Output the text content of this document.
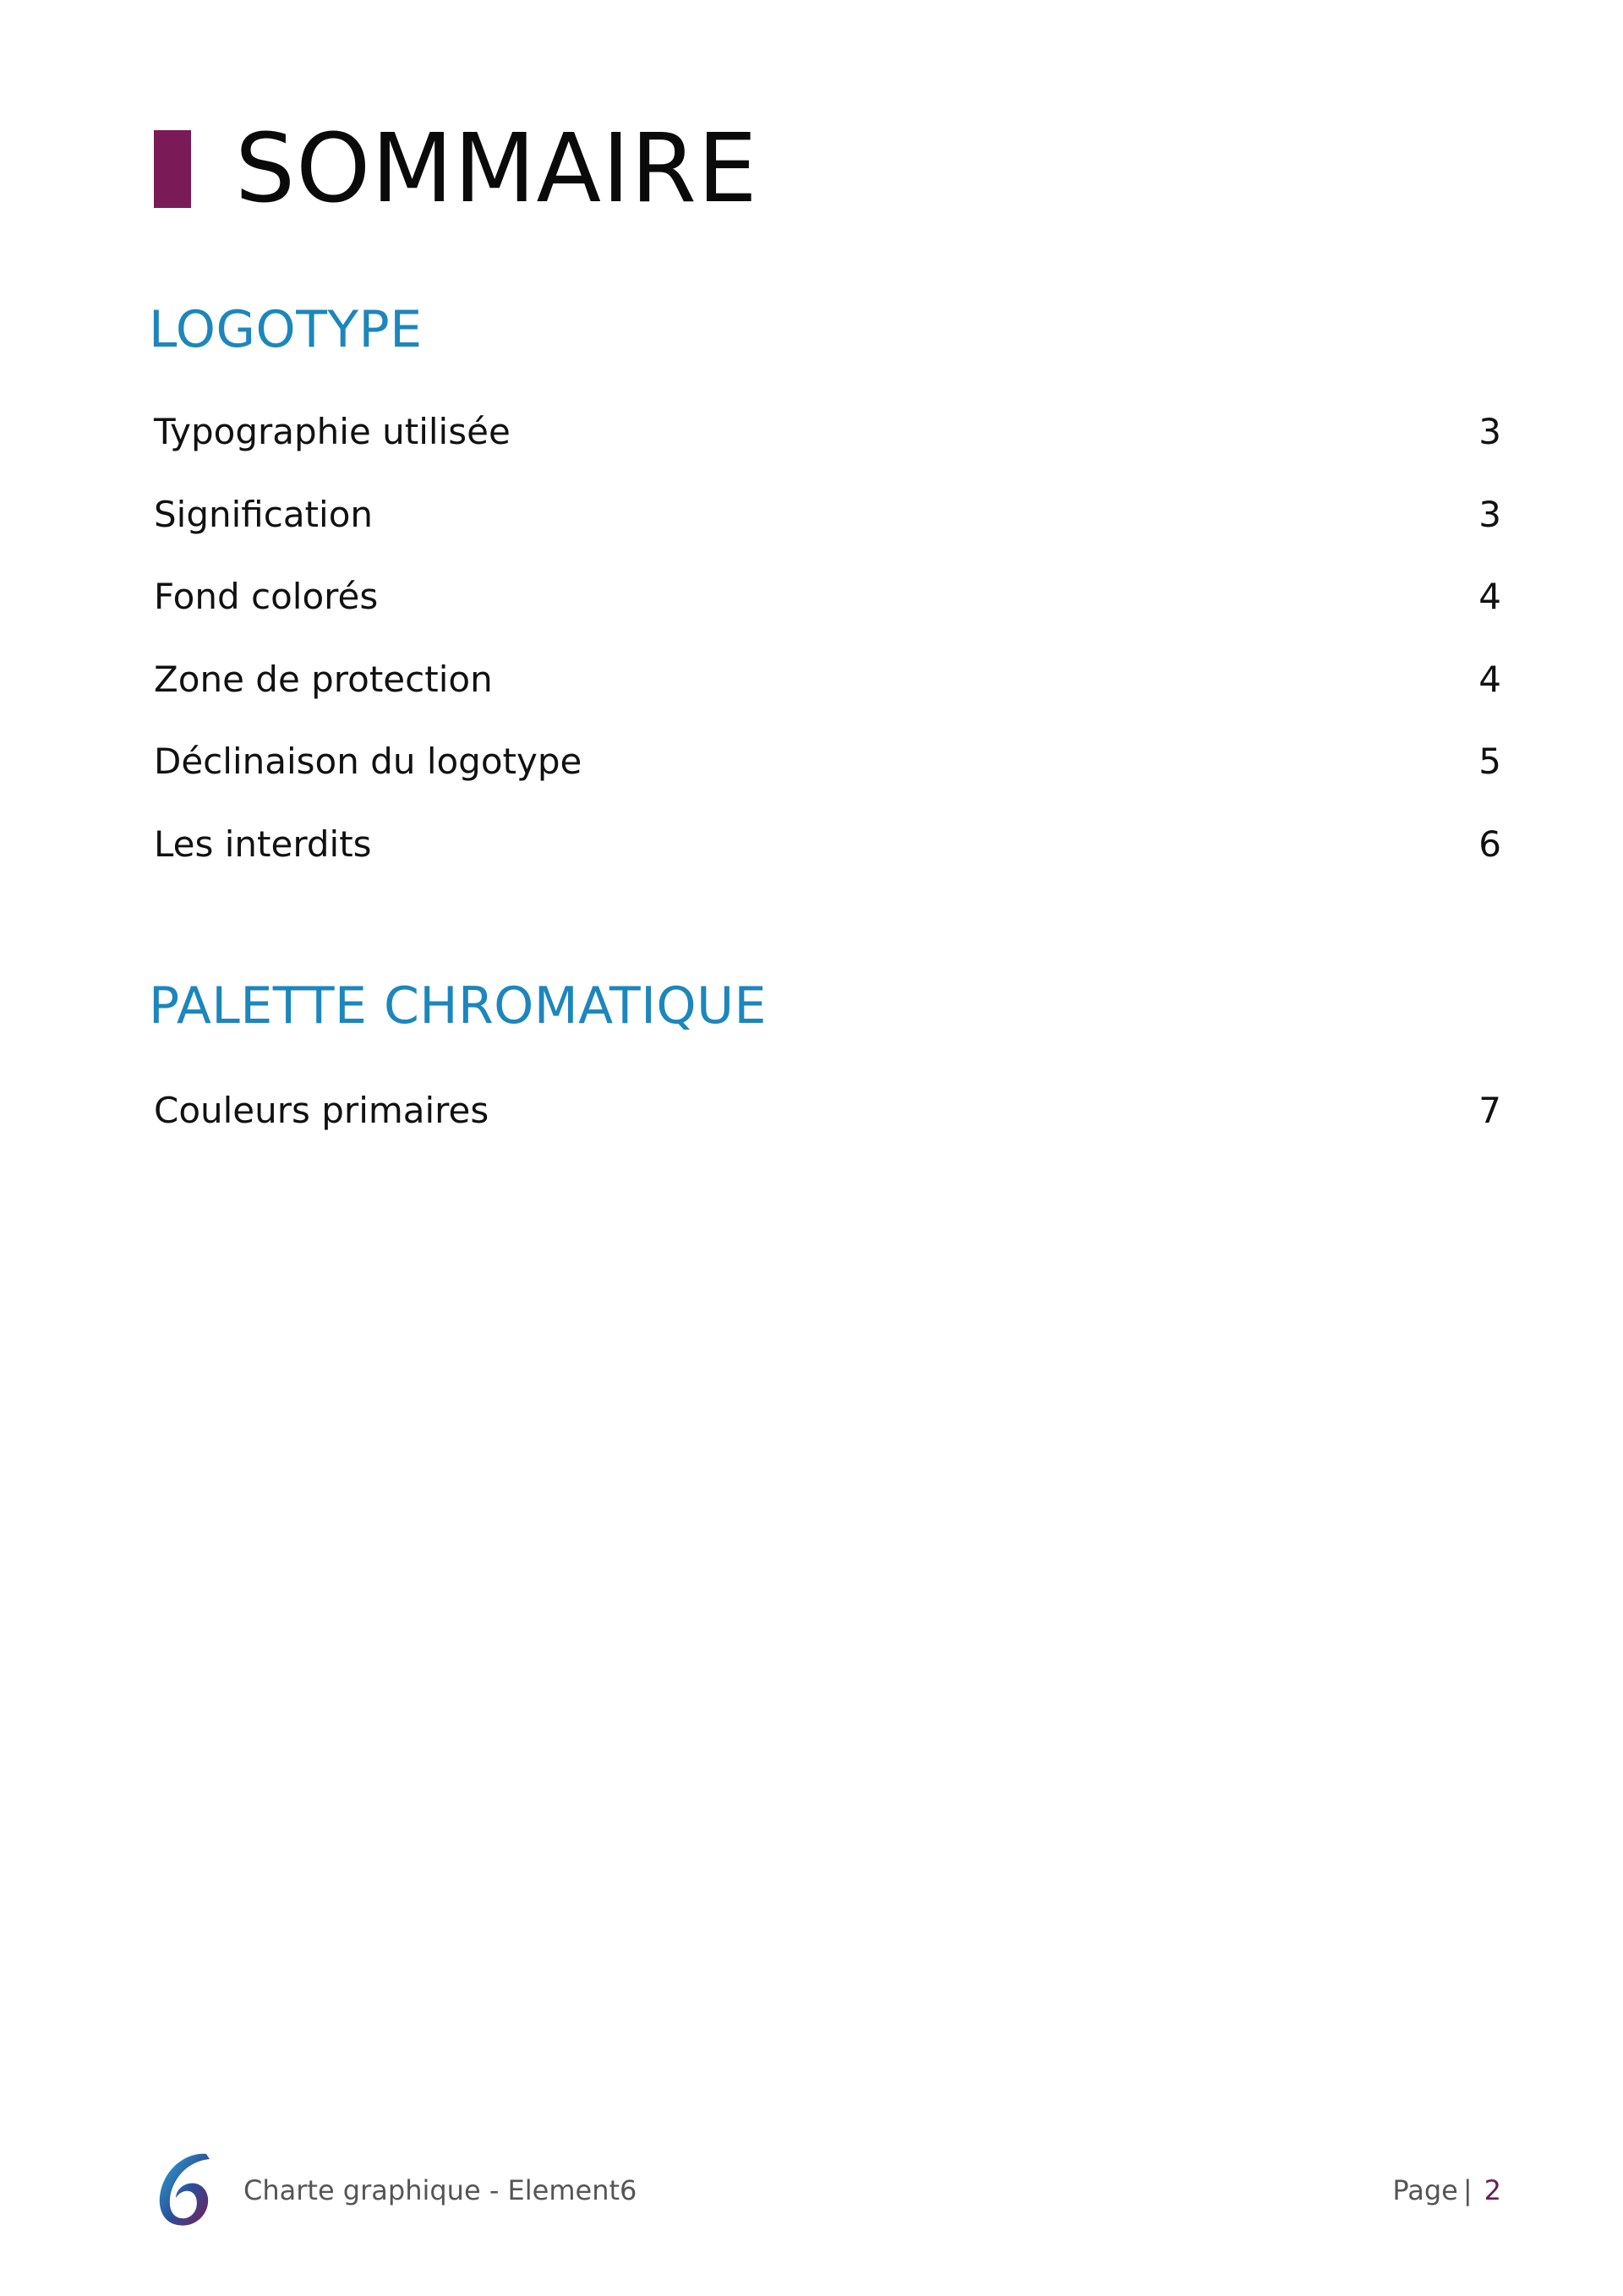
SOMMAIRE
LOGOTYPE
Typographie utilisée	3
Signification	3
Fond colorés	4
Zone de protection	4
Déclinaison du logotype	5
Les interdits	6
PALETTE CHROMATIQUE
Couleurs primaires	7
Charte graphique - Element6	Page | 2
